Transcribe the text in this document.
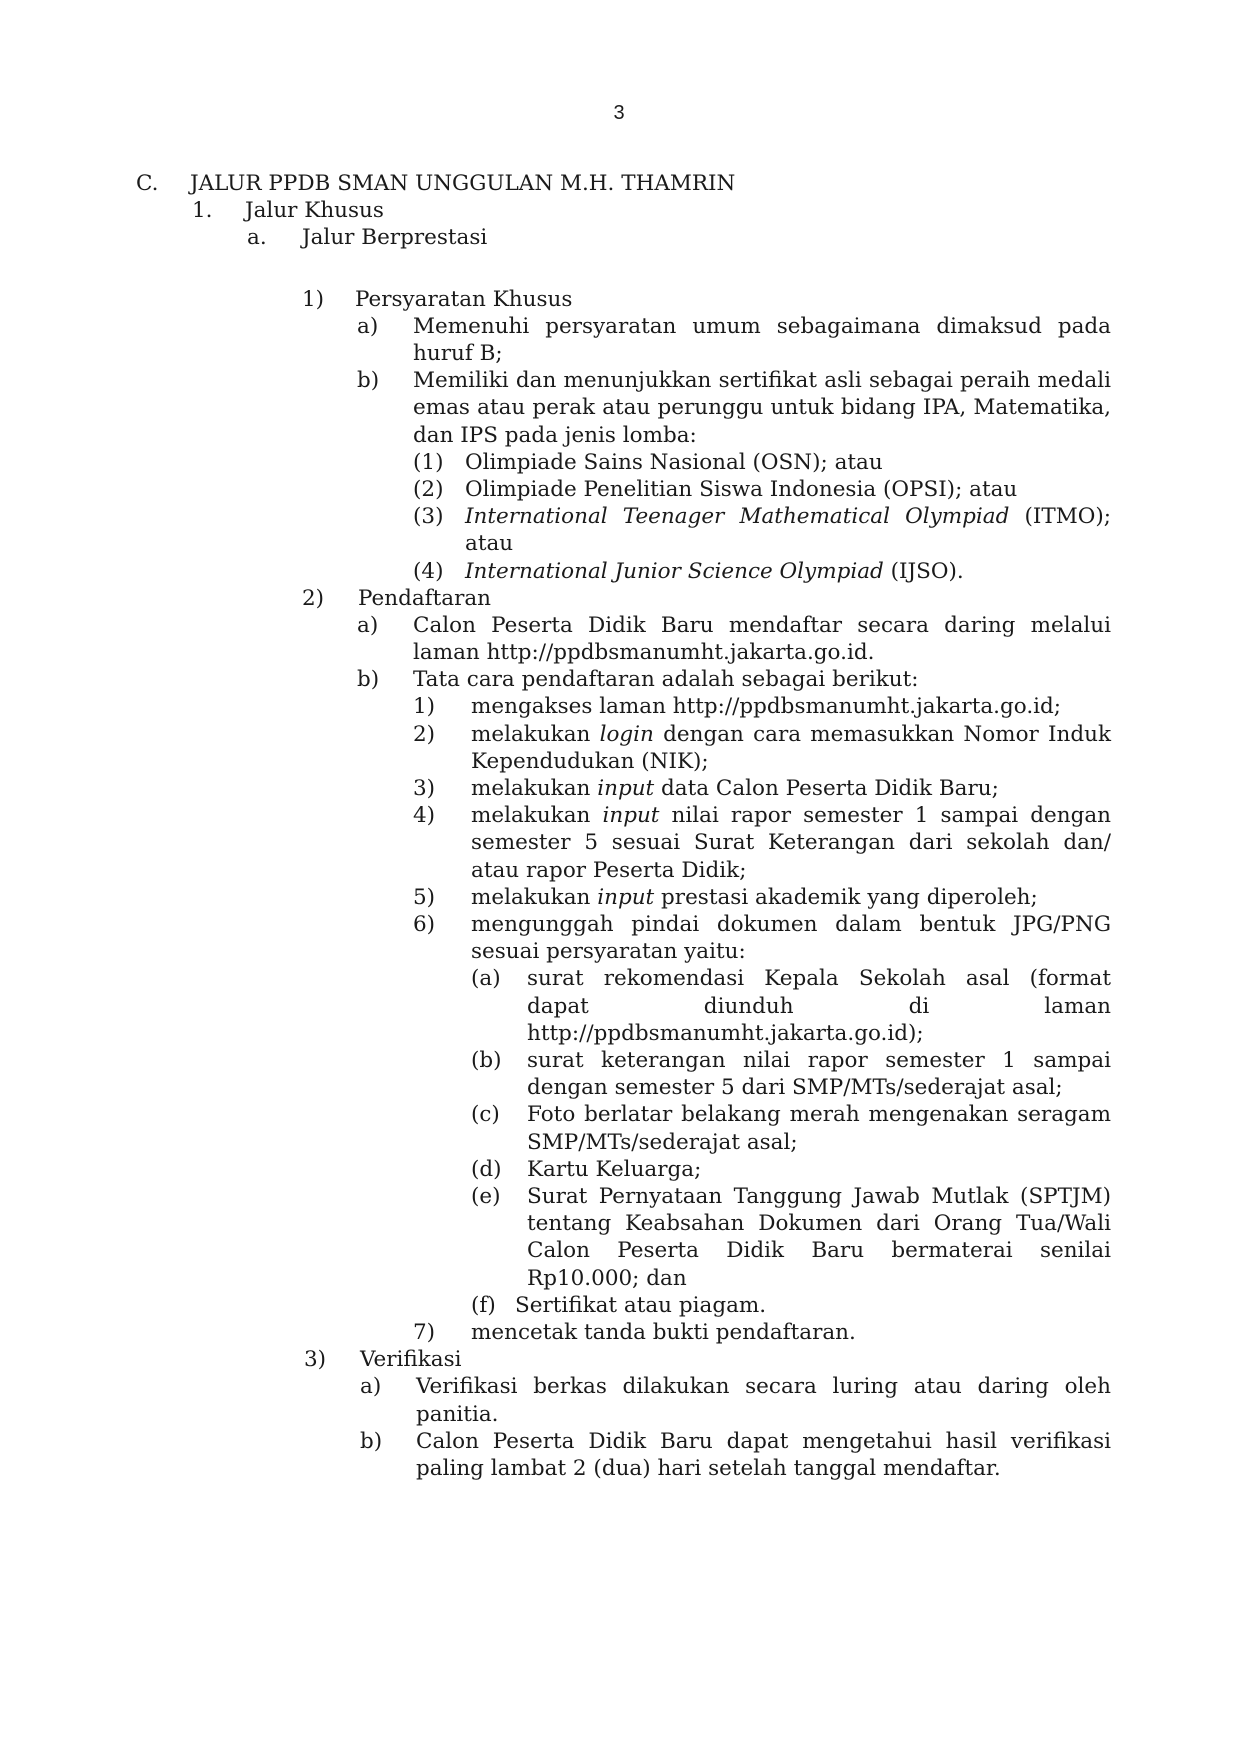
3
C. JALUR PPDB SMAN UNGGULAN M.H. THAMRIN
1. Jalur Khusus
a. Jalur Berprestasi
1) Persyaratan Khusus
a) Memenuhi persyaratan umum sebagaimana dimaksud pada huruf B;
b) Memiliki dan menunjukkan sertifikat asli sebagai peraih medali emas atau perak atau perunggu untuk bidang IPA, Matematika, dan IPS pada jenis lomba:
(1) Olimpiade Sains Nasional (OSN); atau
(2) Olimpiade Penelitian Siswa Indonesia (OPSI); atau
(3) International Teenager Mathematical Olympiad (ITMO); atau
(4) International Junior Science Olympiad (IJSO).
2) Pendaftaran
a) Calon Peserta Didik Baru mendaftar secara daring melalui laman http://ppdbsmanumht.jakarta.go.id.
b) Tata cara pendaftaran adalah sebagai berikut:
1) mengakses laman http://ppdbsmanumht.jakarta.go.id;
2) melakukan login dengan cara memasukkan Nomor Induk Kependudukan (NIK);
3) melakukan input data Calon Peserta Didik Baru;
4) melakukan input nilai rapor semester 1 sampai dengan semester 5 sesuai Surat Keterangan dari sekolah dan/ atau rapor Peserta Didik;
5) melakukan input prestasi akademik yang diperoleh;
6) mengunggah pindai dokumen dalam bentuk JPG/PNG sesuai persyaratan yaitu:
(a) surat rekomendasi Kepala Sekolah asal (format dapat diunduh di laman http://ppdbsmanumht.jakarta.go.id);
(b) surat keterangan nilai rapor semester 1 sampai dengan semester 5 dari SMP/MTs/sederajat asal;
(c) Foto berlatar belakang merah mengenakan seragam SMP/MTs/sederajat asal;
(d) Kartu Keluarga;
(e) Surat Pernyataan Tanggung Jawab Mutlak (SPTJM) tentang Keabsahan Dokumen dari Orang Tua/Wali Calon Peserta Didik Baru bermaterai senilai Rp10.000; dan
(f) Sertifikat atau piagam.
7) mencetak tanda bukti pendaftaran.
3) Verifikasi
a) Verifikasi berkas dilakukan secara luring atau daring oleh panitia.
b) Calon Peserta Didik Baru dapat mengetahui hasil verifikasi paling lambat 2 (dua) hari setelah tanggal mendaftar.
